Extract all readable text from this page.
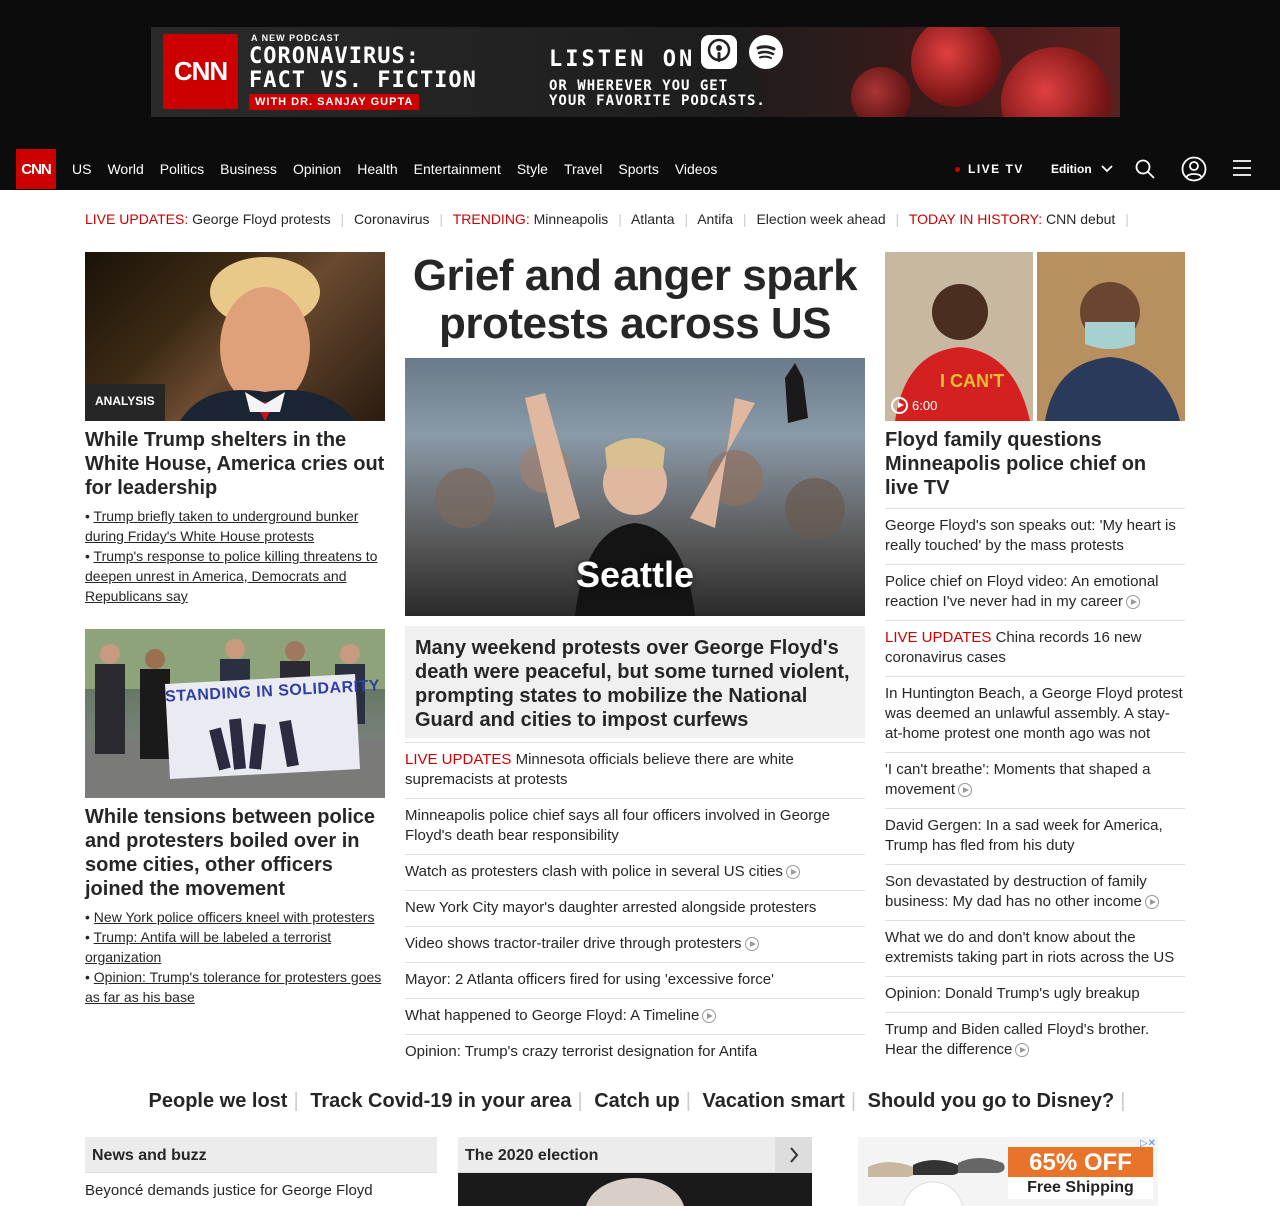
CNN
A NEW PODCAST
CORONAVIRUS:
FACT VS. FICTION
WITH DR. SANJAY GUPTA
LISTEN ON
OR WHEREVER YOU GET
YOUR FAVORITE PODCASTS.
CNN	US World Politics Business Opinion Health Entertainment Style Travel Sports Videos	LIVE TV Edition
LIVE UPDATES: George Floyd protests | Coronavirus | TRENDING: Minneapolis | Atlanta | Antifa | Election week ahead | TODAY IN HISTORY: CNN debut |
ANALYSIS
While Trump shelters in the White House, America cries out for leadership
• Trump briefly taken to underground bunker during Friday's White House protests
• Trump's response to police killing threatens to deepen unrest in America, Democrats and Republicans say
STANDING IN SOLIDARITY
While tensions between police and protesters boiled over in some cities, other officers joined the movement
• New York police officers kneel with protesters
• Trump: Antifa will be labeled a terrorist organization
• Opinion: Trump's tolerance for protesters goes as far as his base
Grief and anger spark protests across US
Seattle
Many weekend protests over George Floyd's death were peaceful, but some turned violent, prompting states to mobilize the National Guard and cities to impost curfews
LIVE UPDATES Minnesota officials believe there are white supremacists at protests
Minneapolis police chief says all four officers involved in George Floyd's death bear responsibility
Watch as protesters clash with police in several US cities
New York City mayor's daughter arrested alongside protesters
Video shows tractor-trailer drive through protesters
Mayor: 2 Atlanta officers fired for using 'excessive force'
What happened to George Floyd: A Timeline
Opinion: Trump's crazy terrorist designation for Antifa
I CAN'T
6:00
Floyd family questions Minneapolis police chief on live TV
George Floyd's son speaks out: 'My heart is really touched' by the mass protests
Police chief on Floyd video: An emotional reaction I've never had in my career
LIVE UPDATES China records 16 new coronavirus cases
In Huntington Beach, a George Floyd protest was deemed an unlawful assembly. A stay-at-home protest one month ago was not
'I can't breathe': Moments that shaped a movement
David Gergen: In a sad week for America, Trump has fled from his duty
Son devastated by destruction of family business: My dad has no other income
What we do and don't know about the extremists taking part in riots across the US
Opinion: Donald Trump's ugly breakup
Trump and Biden called Floyd's brother. Hear the difference
People we lost | Track Covid-19 in your area | Catch up | Vacation smart | Should you go to Disney? |
News and buzz
Beyoncé demands justice for George Floyd
The 2020 election	65% OFF
Free Shipping
▷✕
